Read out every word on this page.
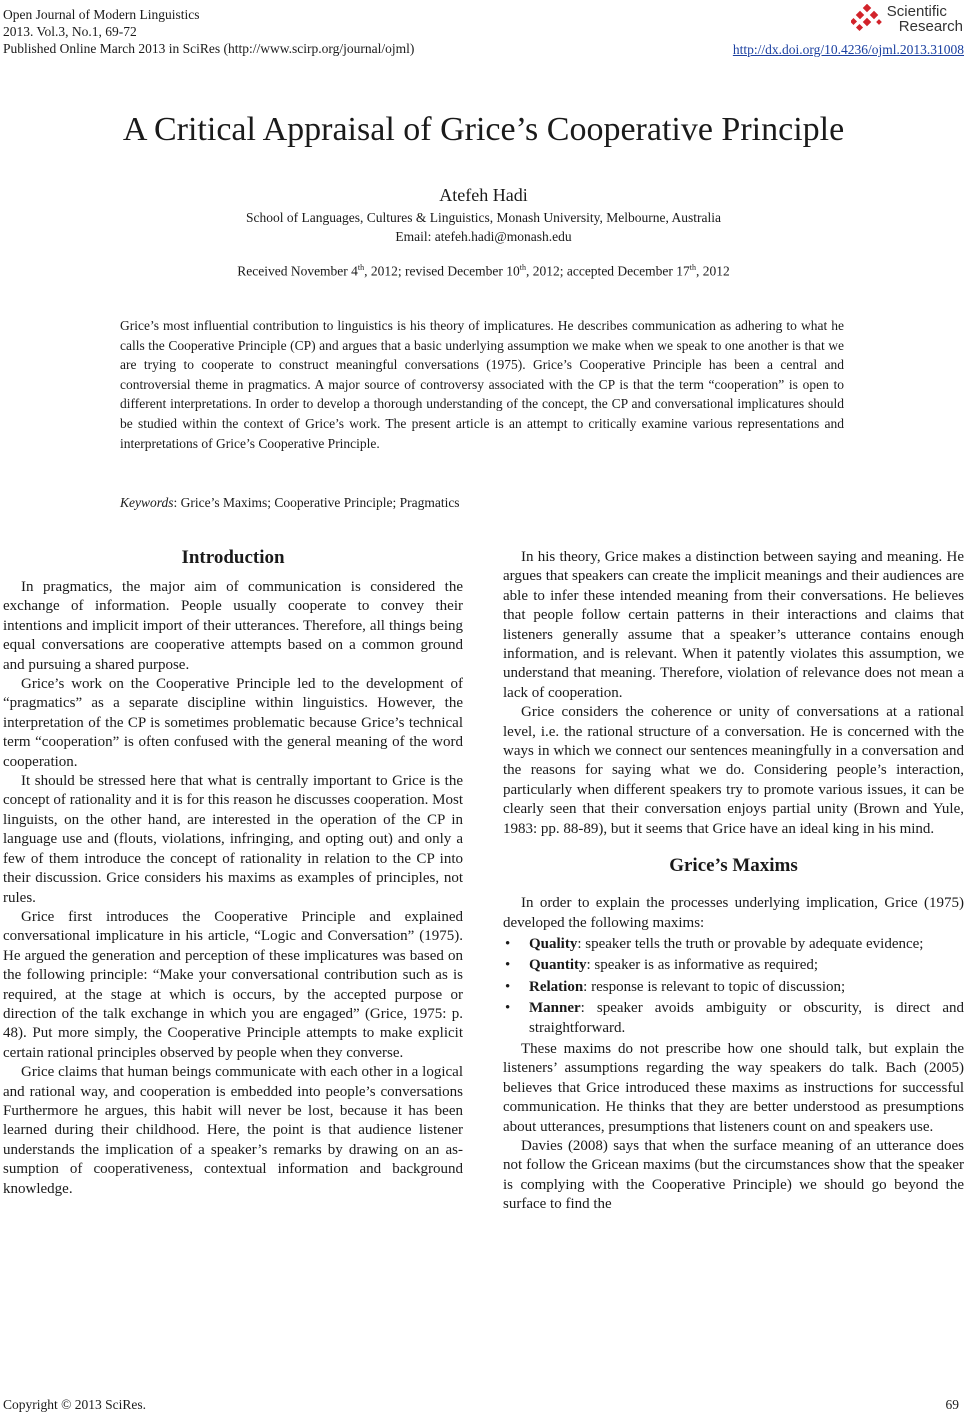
Open Journal of Modern Linguistics
2013. Vol.3, No.1, 69-72
Published Online March 2013 in SciRes (http://www.scirp.org/journal/ojml)
Scientific
Research
http://dx.doi.org/10.4236/ojml.2013.31008
A Critical Appraisal of Grice’s Cooperative Principle
Atefeh Hadi
School of Languages, Cultures & Linguistics, Monash University, Melbourne, Australia
Email: atefeh.hadi@monash.edu
Received November 4th, 2012; revised December 10th, 2012; accepted December 17th, 2012

Grice’s most influential contribution to linguistics is his theory of implicatures. He describes communication as adhering to what he calls the Cooperative Principle (CP) and argues that a basic underlying assumption we make when we speak to one another is that we are trying to cooperate to construct meaningful conversations (1975). Grice’s Cooperative Principle has been a central and controversial theme in pragmatics. A major source of controversy associated with the CP is that the term “cooperation” is open to different interpretations. In order to develop a thorough understanding of the concept, the CP and conversational implicatures should be studied within the context of Grice’s work. The present article is an attempt to critically examine various representations and interpretations of Grice’s Cooperative Principle.

Keywords: Grice’s Maxims; Cooperative Principle; Pragmatics
Introduction

In pragmatics, the major aim of communication is considered the exchange of information. People usually cooperate to convey their intentions and implicit import of their utterances. Therefore, all things being equal conversations are cooperative attempts based on a common ground and pursuing a shared purpose.

Grice’s work on the Cooperative Principle led to the development of “pragmatics” as a separate discipline within linguistics. However, the interpretation of the CP is sometimes problematic because Grice’s technical term “cooperation” is often confused with the general meaning of the word cooperation.

It should be stressed here that what is centrally important to Grice is the concept of rationality and it is for this reason he discusses cooperation. Most linguists, on the other hand, are interested in the operation of the CP in language use and (flouts, violations, infringing, and opting out) and only a few of them introduce the concept of rationality in relation to the CP into their discussion. Grice considers his maxims as examples of principles, not rules.

Grice first introduces the Cooperative Principle and explained conversational implicature in his article, “Logic and Conversation” (1975). He argued the generation and perception of these implicatures was based on the following principle: “Make your conversational contribution such as is required, at the stage at which is occurs, by the accepted purpose or direction of the talk exchange in which you are engaged” (Grice, 1975: p. 48). Put more simply, the Cooperative Principle attempts to make explicit certain rational principles observed by people when they converse.

Grice claims that human beings communicate with each other in a logical and rational way, and cooperation is embedded into people’s conversations Furthermore he argues, this habit will never be lost, because it has been learned during their childhood. Here, the point is that audience listener understands the implication of a speaker’s remarks by drawing on an assumption of cooperativeness, contextual information and background knowledge.

In his theory, Grice makes a distinction between saying and meaning. He argues that speakers can create the implicit meanings and their audiences are able to infer these intended meaning from their conversations. He believes that people follow certain patterns in their interactions and claims that listeners generally assume that a speaker’s utterance contains enough information, and is relevant. When it patently violates this assumption, we understand that meaning. Therefore, violation of relevance does not mean a lack of cooperation.

Grice considers the coherence or unity of conversations at a rational level, i.e. the rational structure of a conversation. He is concerned with the ways in which we connect our sentences meaningfully in a conversation and the reasons for saying what we do. Considering people’s interaction, particularly when different speakers try to promote various issues, it can be clearly seen that their conversation enjoys partial unity (Brown and Yule, 1983: pp. 88-89), but it seems that Grice have an ideal king in his mind.

Grice’s Maxims

In order to explain the processes underlying implication, Grice (1975) developed the following maxims:

• Quality: speaker tells the truth or provable by adequate evidence;
• Quantity: speaker is as informative as required;
• Relation: response is relevant to topic of discussion;
• Manner: speaker avoids ambiguity or obscurity, is direct and straightforward.

These maxims do not prescribe how one should talk, but explain the listeners’ assumptions regarding the way speakers do talk. Bach (2005) believes that Grice introduced these maxims as instructions for successful communication. He thinks that they are better understood as presumptions about utterances, presumptions that listeners count on and speakers use.

Davies (2008) says that when the surface meaning of an utterance does not follow the Gricean maxims (but the circumstances show that the speaker is complying with the Cooperative Principle) we should go beyond the surface to find the

Copyright © 2013 SciRes.	69
